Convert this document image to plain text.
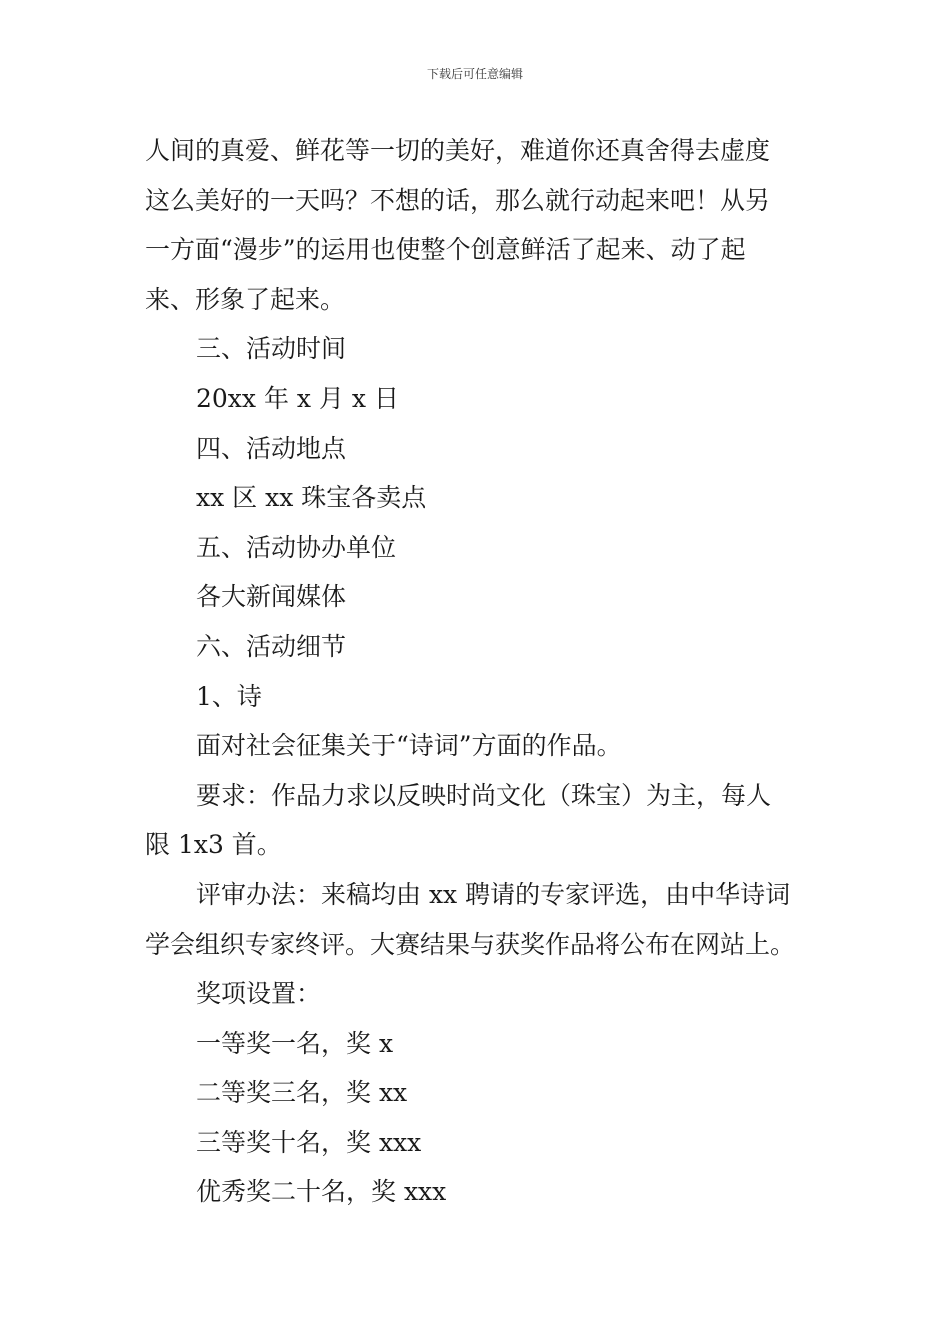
下载后可任意编辑
人间的真爱、鲜花等一切的美好，难道你还真舍得去虚度
这么美好的一天吗？不想的话，那么就行动起来吧！从另
一方面“漫步”的运用也使整个创意鲜活了起来、动了起
来、形象了起来。
三、活动时间
20xx 年 x 月 x 日
四、活动地点
xx 区 xx 珠宝各卖点
五、活动协办单位
各大新闻媒体
六、活动细节
1、诗
面对社会征集关于“诗词”方面的作品。
要求：作品力求以反映时尚文化（珠宝）为主，每人
限 1x3 首。
评审办法：来稿均由 xx 聘请的专家评选，由中华诗词
学会组织专家终评。大赛结果与获奖作品将公布在网站上。
奖项设置：
一等奖一名，奖 x
二等奖三名，奖 xx
三等奖十名，奖 xxx
优秀奖二十名，奖 xxx
